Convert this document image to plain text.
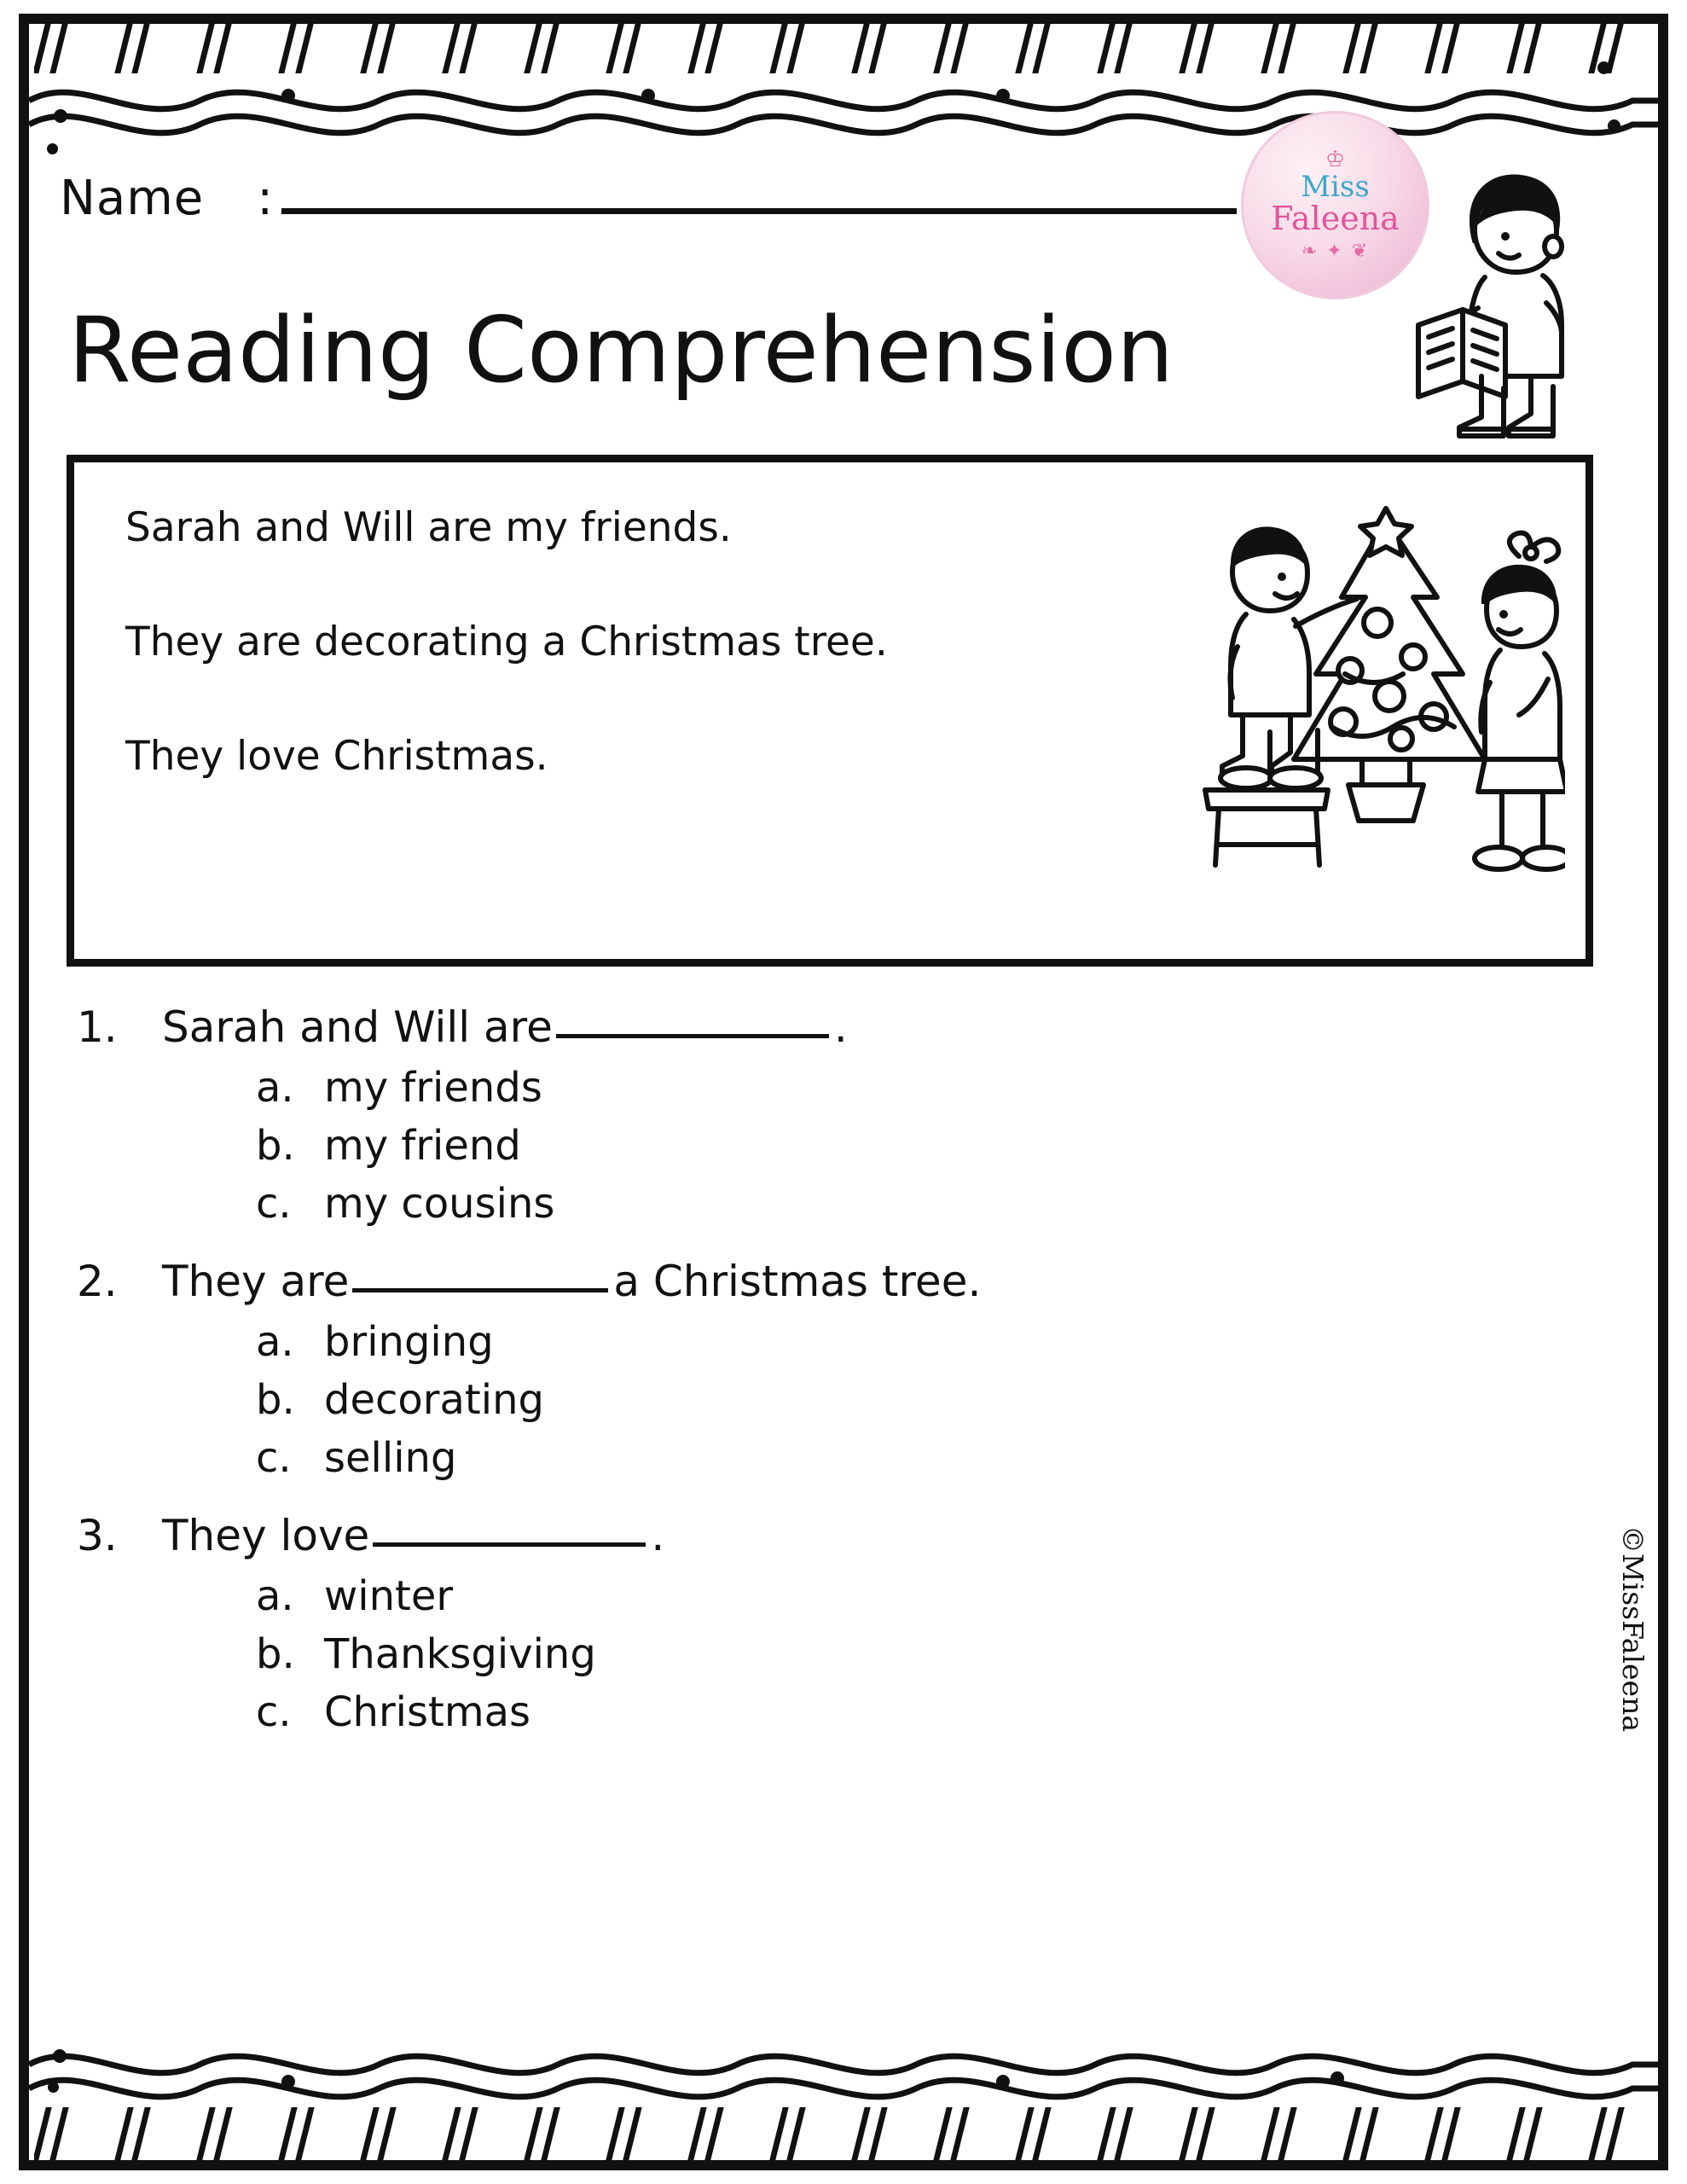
Name :
♔
Miss
Faleena
❧ ✦ ❦
Reading Comprehension
Sarah and Will are my friends.
They are decorating a Christmas tree.
They love Christmas.
1.	Sarah and Will are	.
a. my friends
b. my friend
c. my cousins
2.	They are	a Christmas tree.
a. bringing
b. decorating
c. selling
3.	They love	.
a. winter
b. Thanksgiving
c. Christmas	©MissFaleena
